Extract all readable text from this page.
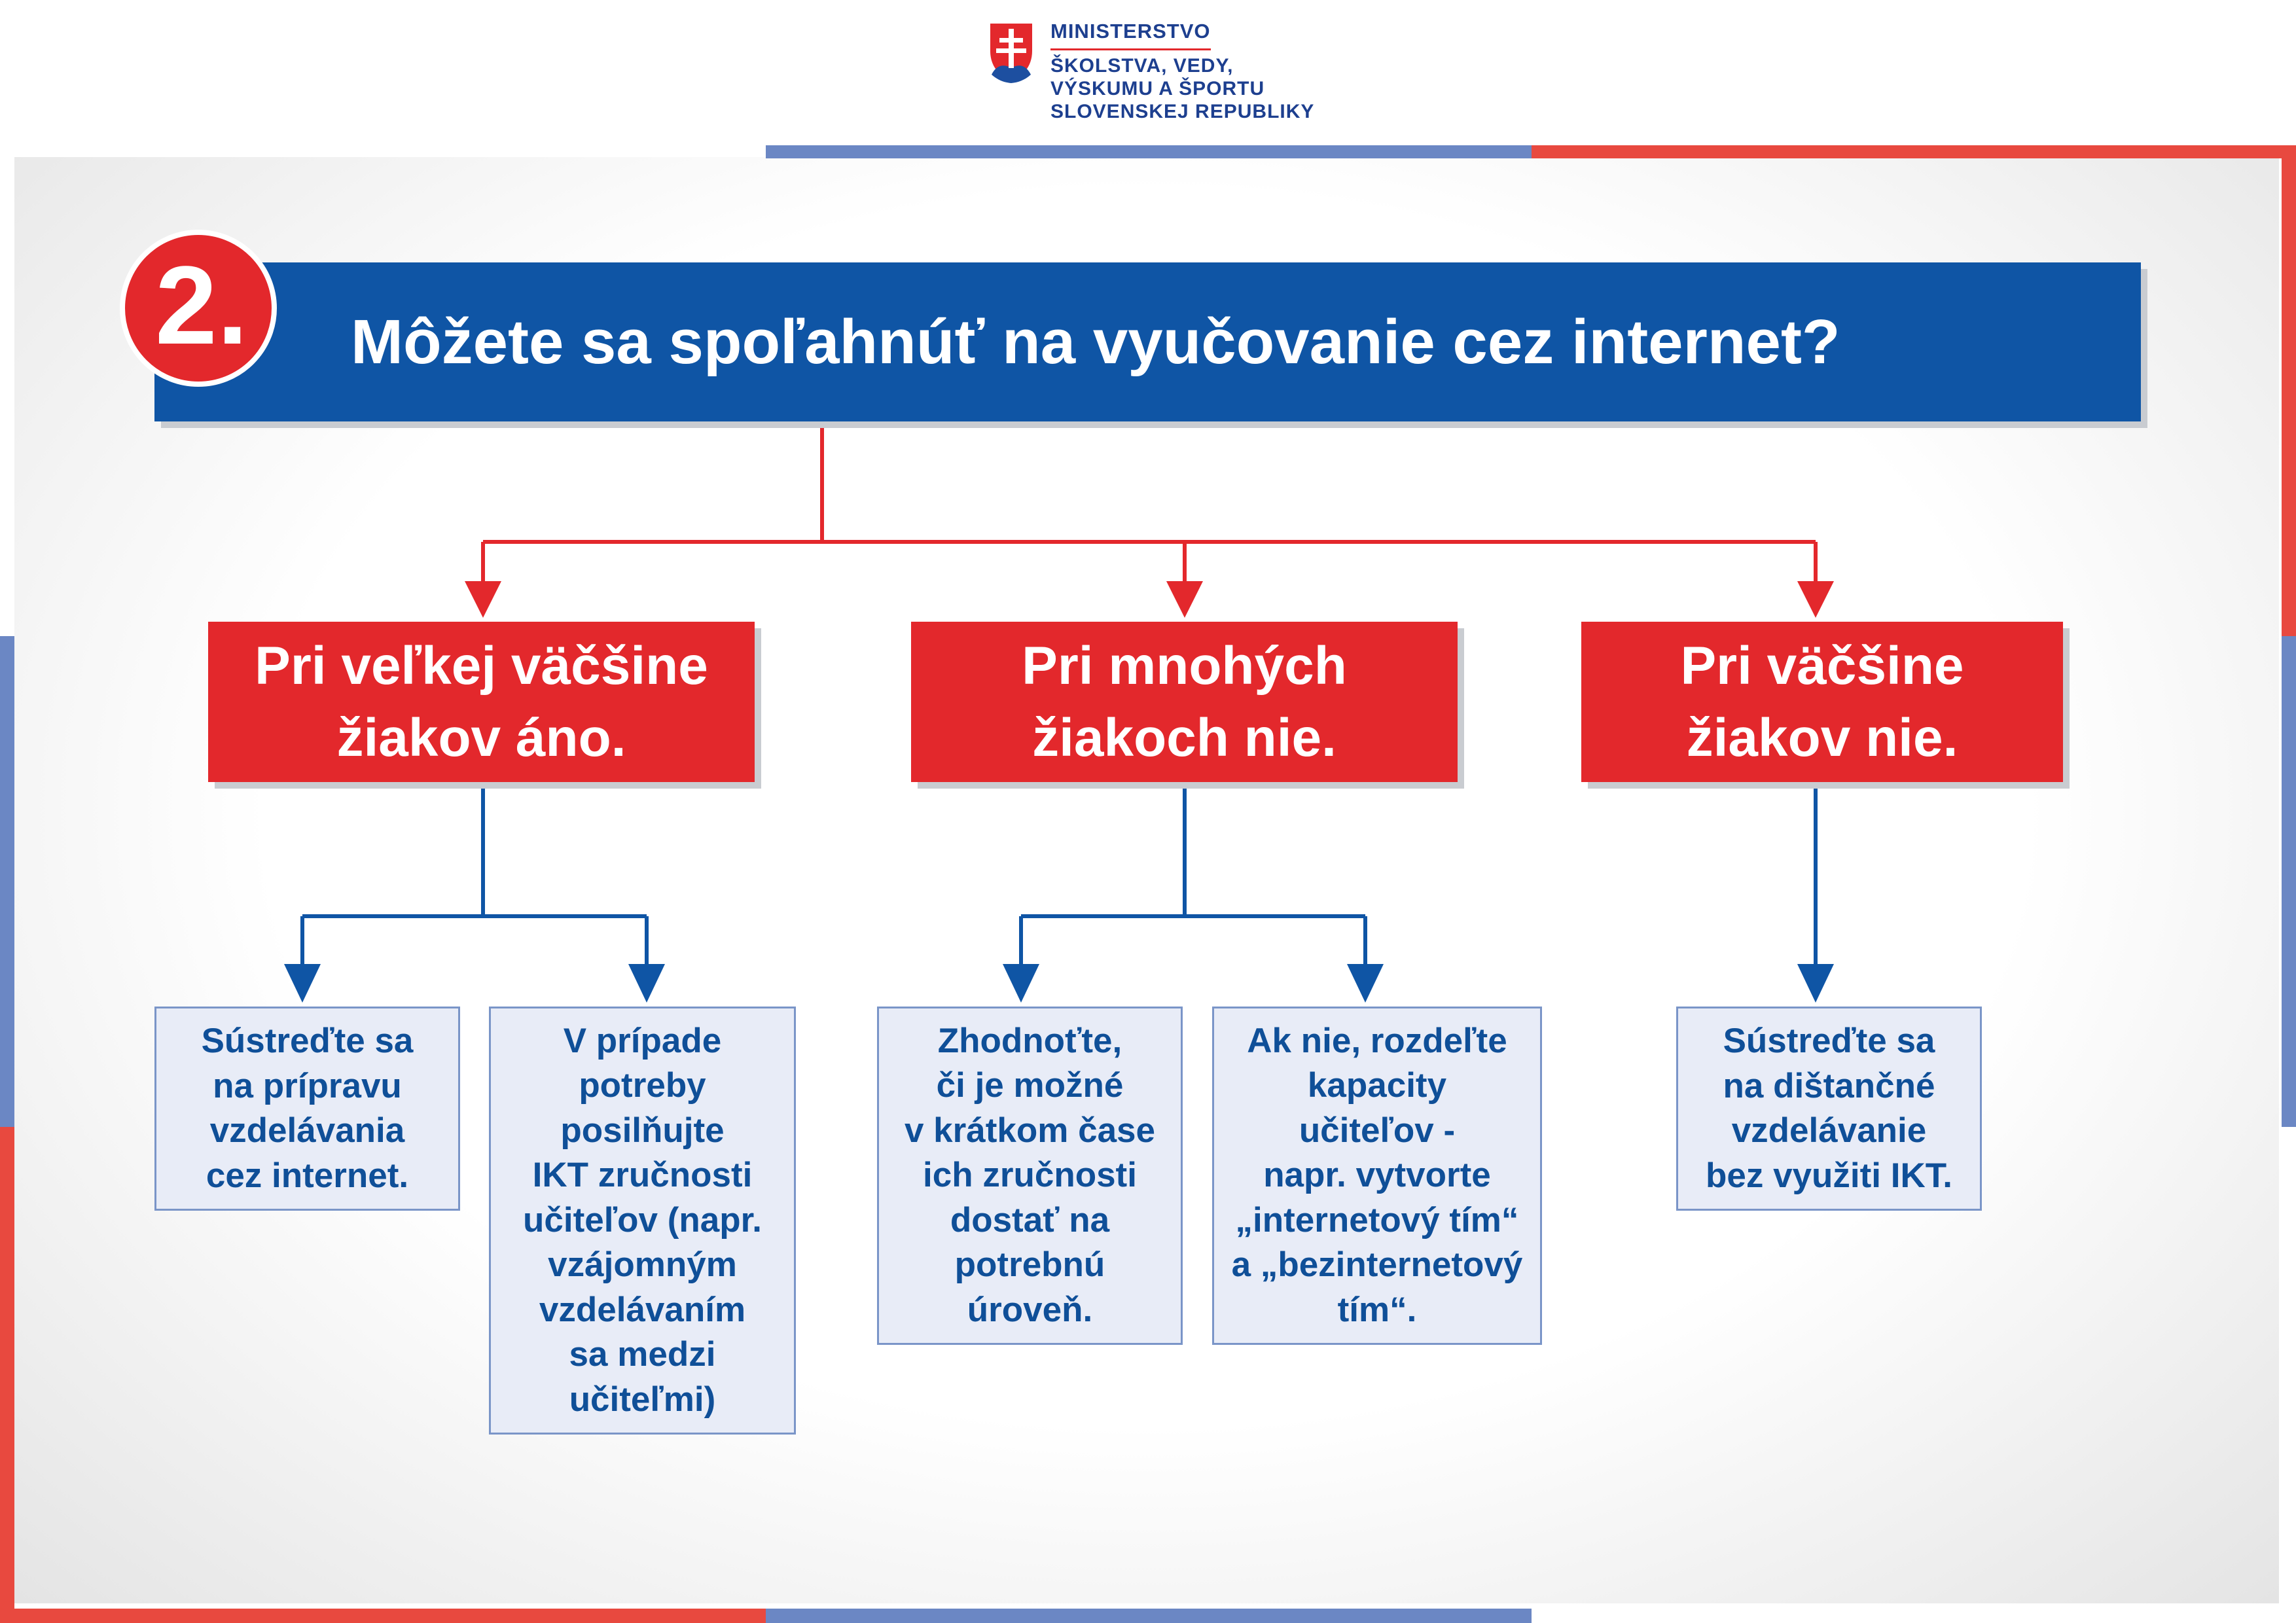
MINISTERSTVO
ŠKOLSTVA, VEDY,
VÝSKUMU A ŠPORTU
SLOVENSKEJ REPUBLIKY
Môžete sa spoľahnúť na vyučovanie cez internet?
2.
Pri veľkej väčšine
žiakov áno.
Pri mnohých
žiakoch nie.
Pri väčšine
žiakov nie.
Sústreďte sa
na prípravu
vzdelávania
cez internet.
V prípade
potreby
posilňujte
IKT zručnosti
učiteľov (napr.
vzájomným
vzdelávaním
sa medzi
učiteľmi)
Zhodnoťte,
či je možné
v krátkom čase
ich zručnosti
dostať na
potrebnú
úroveň.
Ak nie, rozdeľte
kapacity
učiteľov -
napr. vytvorte
„internetový tím“
a „bezinternetový
tím“.
Sústreďte sa
na dištančné
vzdelávanie
bez využiti IKT.
